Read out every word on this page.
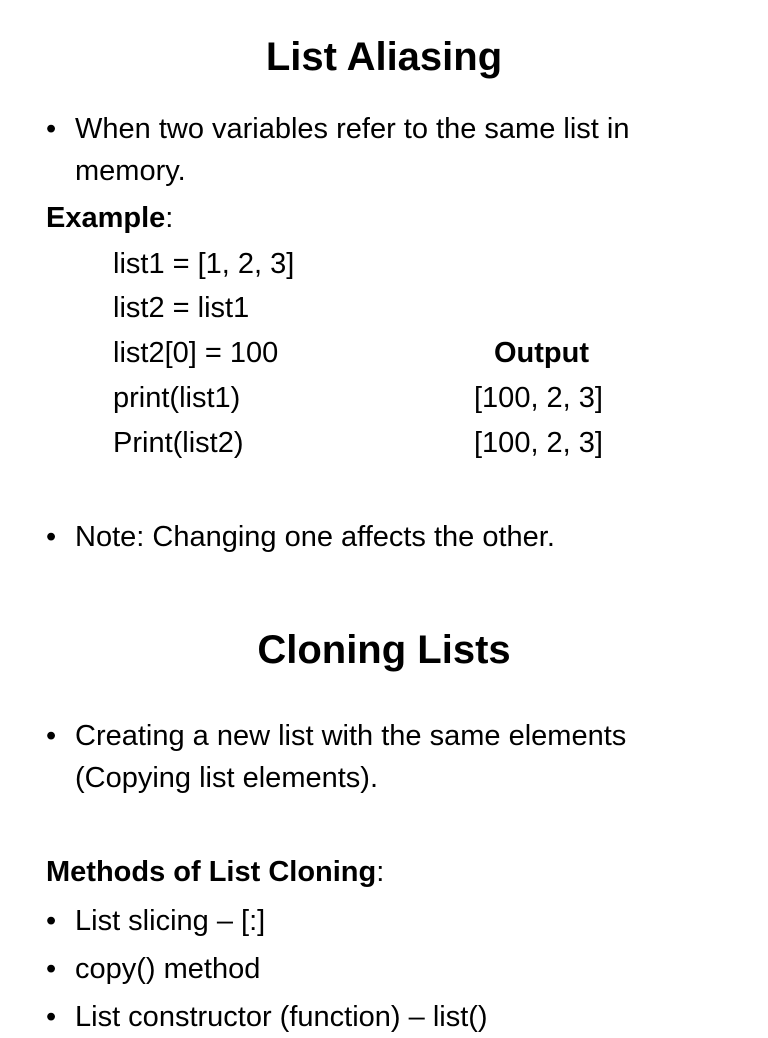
List Aliasing
• When two variables refer to the same list in memory.
Example:
list1 = [1, 2, 3]
list2 = list1
list2[0] = 100
print(list1)
Print(list2)
Output
[100, 2, 3]
[100, 2, 3]
• Note: Changing one affects the other.
Cloning Lists
• Creating a new list with the same elements (Copying list elements).
Methods of List Cloning:
• List slicing – [:]
• copy() method
• List constructor (function) – list()
